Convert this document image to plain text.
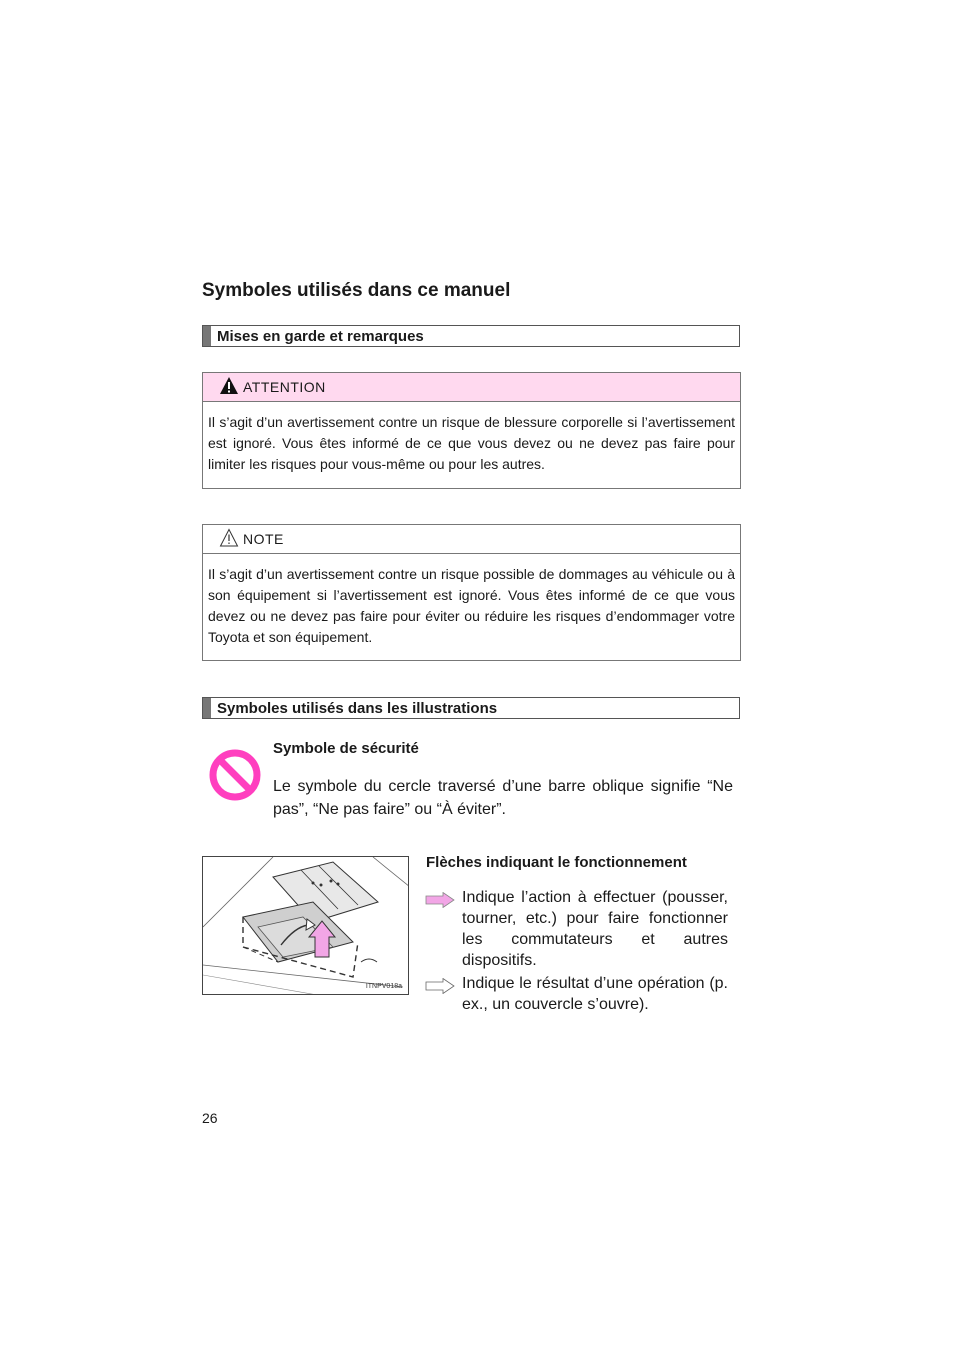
Symboles utilisés dans ce manuel
Mises en garde et remarques
ATTENTION
Il s’agit d’un avertissement contre un risque de blessure corporelle si l’avertissement est ignoré. Vous êtes informé de ce que vous devez ou ne devez pas faire pour limiter les risques pour vous-même ou pour les autres.
NOTE
Il s’agit d’un avertissement contre un risque possible de dommages au véhicule ou à son équipement si l’avertissement est ignoré. Vous êtes informé de ce que vous devez ou ne devez pas faire pour éviter ou réduire les risques d’endommager votre Toyota et son équipement.
Symboles utilisés dans les illustrations
Symbole de sécurité
Le symbole du cercle traversé d’une barre oblique signifie “Ne pas”, “Ne pas faire” ou “À éviter”.
ITNPV018a
Flèches indiquant le fonctionnement
Indique l’action à effectuer (pousser, tourner, etc.) pour faire fonctionner les commutateurs et autres dispositifs.
Indique le résultat d’une opération (p. ex., un couvercle s’ouvre).
26
